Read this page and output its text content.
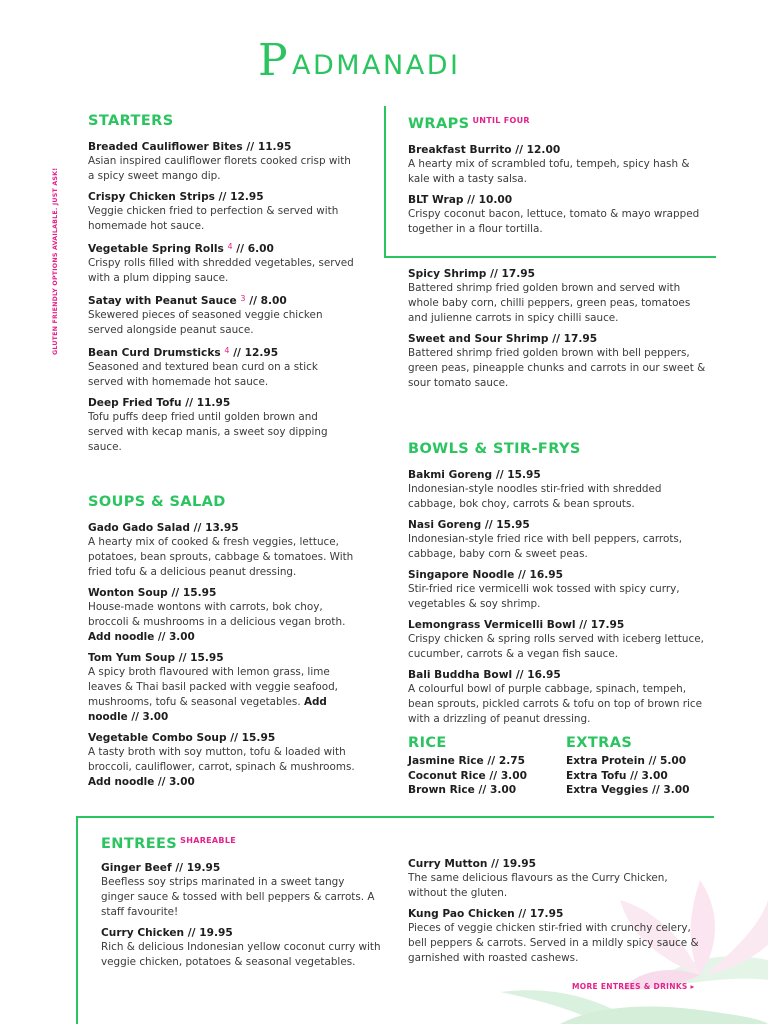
P ADMANADI
GLUTEN FRIENDLY OPTIONS AVAILABLE. JUST ASK!
STARTERS
Breaded Cauliflower Bites // 11.95
Asian inspired cauliflower florets cooked crisp with a spicy sweet mango dip.
Crispy Chicken Strips // 12.95
Veggie chicken fried to perfection & served with homemade hot sauce.
Vegetable Spring Rolls $^4$ // 6.00
Crispy rolls filled with shredded vegetables, served with a plum dipping sauce.
Satay with Peanut Sauce $^3$ // 8.00
Skewered pieces of seasoned veggie chicken served alongside peanut sauce.
Bean Curd Drumsticks $^4$ // 12.95
Seasoned and textured bean curd on a stick served with homemade hot sauce.
Deep Fried Tofu // 11.95
Tofu puffs deep fried until golden brown and served with kecap manis, a sweet soy dipping sauce.
SOUPS & SALAD
Gado Gado Salad // 13.95
A hearty mix of cooked & fresh veggies, lettuce, potatoes, bean sprouts, cabbage & tomatoes. With fried tofu & a delicious peanut dressing.
Wonton Soup // 15.95
House-made wontons with carrots, bok choy, broccoli & mushrooms in a delicious vegan broth. Add noodle // 3.00
Tom Yum Soup // 15.95
A spicy broth flavoured with lemon grass, lime leaves & Thai basil packed with veggie seafood, mushrooms, tofu & seasonal vegetables. Add noodle // 3.00
Vegetable Combo Soup // 15.95
A tasty broth with soy mutton, tofu & loaded with broccoli, cauliflower, carrot, spinach & mushrooms. Add noodle // 3.00
WRAPS $^{UNTIL FOUR}$
Breakfast Burrito // 12.00
A hearty mix of scrambled tofu, tempeh, spicy hash & kale with a tasty salsa.
BLT Wrap // 10.00
Crispy coconut bacon, lettuce, tomato & mayo wrapped together in a flour tortilla.
Spicy Shrimp // 17.95
Battered shrimp fried golden brown and served with whole baby corn, chilli peppers, green peas, tomatoes and julienne carrots in spicy chilli sauce.
Sweet and Sour Shrimp // 17.95
Battered shrimp fried golden brown with bell peppers, green peas, pineapple chunks and carrots in our sweet & sour tomato sauce.
BOWLS & STIR-FRYS
Bakmi Goreng // 15.95
Indonesian-style noodles stir-fried with shredded cabbage, bok choy, carrots & bean sprouts.
Nasi Goreng // 15.95
Indonesian-style fried rice with bell peppers, carrots, cabbage, baby corn & sweet peas.
Singapore Noodle // 16.95
Stir-fried rice vermicelli wok tossed with spicy curry, vegetables & soy shrimp.
Lemongrass Vermicelli Bowl // 17.95
Crispy chicken & spring rolls served with iceberg lettuce, cucumber, carrots & a vegan fish sauce.
Bali Buddha Bowl // 16.95
A colourful bowl of purple cabbage, spinach, tempeh, bean sprouts, pickled carrots & tofu on top of brown rice with a drizzling of peanut dressing.
RICE
Jasmine Rice // 2.75
Coconut Rice // 3.00
Brown Rice // 3.00
EXTRAS
Extra Protein // 5.00
Extra Tofu // 3.00
Extra Veggies // 3.00
ENTREES $^{SHAREABLE}$
Ginger Beef // 19.95
Beefless soy strips marinated in a sweet tangy ginger sauce & tossed with bell peppers & carrots. A staff favourite!
Curry Chicken // 19.95
Rich & delicious Indonesian yellow coconut curry with veggie chicken, potatoes & seasonal vegetables.
Curry Mutton // 19.95
The same delicious flavours as the Curry Chicken, without the gluten.
Kung Pao Chicken // 17.95
Pieces of veggie chicken stir-fried with crunchy celery, bell peppers & carrots. Served in a mildly spicy sauce & garnished with roasted cashews.
MORE ENTREES & DRINKS ▸
